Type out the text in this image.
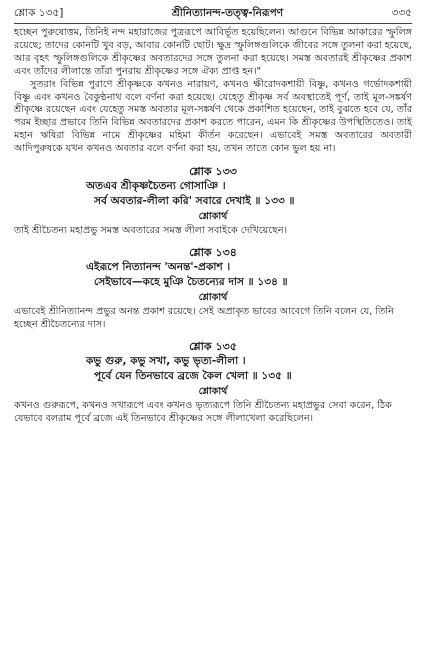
শ্লোক ১৩৫]	শ্রীনিত্যানন্দ-তত্ত্ব-নিরূপণ	৩৩৫

হচ্ছেন পুরুষোত্তম, তিনিই নন্দ মহারাজের পুত্ররূপে আবির্ভূত হয়েছিলেন। আগুনে বিভিন্ন আকারের স্ফুলিঙ্গ রয়েছে; তাদের কোনটি খুব বড়, আবার কোনটি ছোট। ক্ষুদ্র স্ফুলিঙ্গগুলিকে জীবের সঙ্গে তুলনা করা হয়েছে, আর বৃহৎ স্ফুলিঙ্গগুলিকে শ্রীকৃষ্ণের অবতারদের সঙ্গে তুলনা করা হয়েছে। সমস্ত অবতারই শ্রীকৃষ্ণের প্রকাশ এবং তাঁদের লীলান্তে তাঁরা পুনরায় শ্রীকৃষ্ণের সঙ্গে ঐক্য প্রাপ্ত হন।"

সুতরাং বিভিন্ন পুরাণে শ্রীকৃষ্ণকে কখনও নারায়ণ, কখনও ক্ষীরোদকশায়ী বিষ্ণু, কখনও গর্ভোদকশায়ী বিষ্ণু এবং কখনও বৈকুণ্ঠনাথ বলে বর্ণনা করা হয়েছে। যেহেতু শ্রীকৃষ্ণ সর্ব অবস্থাতেই পূর্ণ, তাই মূল-সঙ্কর্ষণ শ্রীকৃষ্ণে রয়েছেন এবং যেহেতু সমস্ত অবতার মূল-সঙ্কর্ষণ থেকে প্রকাশিত হয়েছেন, তাই বুঝতে হবে যে, তাঁর পরম ইচ্ছার প্রভাবে তিনি বিভিন্ন অবতারদের প্রকাশ করতে পারেন, এমন কি শ্রীকৃষ্ণের উপস্থিতিতেও। তাই মহান ঋষিরা বিভিন্ন নামে শ্রীকৃষ্ণের মহিমা কীর্তন করেছেন। এভাবেই সমস্ত অবতারের অবতারী আদিপুরুষকে যখন কখনও অবতার বলে বর্ণনা করা হয়, তখন তাতে কোন ভুল হয় না।

শ্লোক ১৩৩
অতএব শ্রীকৃষ্ণচৈতন্য গোসাঞি ।
সর্ব অবতার-লীলা করি' সবারে দেখাই ॥ ১৩৩ ॥
শ্লোকার্থ

তাই শ্রীচৈতন্য মহাপ্রভু সমস্ত অবতারের সমস্ত লীলা সবাইকে দেখিয়েছেন।

শ্লোক ১৩৪
এইরূপে নিত্যানন্দ 'অনন্ত'-প্রকাশ ।
সেইভাবে—কহে মুঞি চৈতন্যের দাস ॥ ১৩৪ ॥
শ্লোকার্থ

এভাবেই শ্রীনিত্যানন্দ প্রভুর অনন্ত প্রকাশ রয়েছে। সেই অপ্রাকৃত ভাবের আবেগে তিনি বলেন যে, তিনি হচ্ছেন শ্রীচৈতন্যের দাস।

শ্লোক ১৩৫
কভু গুরু, কভু সখা, কভু ভৃত্য-লীলা ।
পূর্বে যেন তিনভাবে ব্রজে কৈল খেলা ॥ ১৩৫ ॥
শ্লোকার্থ

কখনও গুরুরূপে, কখনও সখারূপে এবং কখনও ভৃত্যরূপে তিনি শ্রীচৈতন্য মহাপ্রভুর সেবা করেন, ঠিক যেভাবে বলরাম পূর্বে ব্রজে এই তিনভাবে শ্রীকৃষ্ণের সঙ্গে লীলাখেলা করেছিলেন।
